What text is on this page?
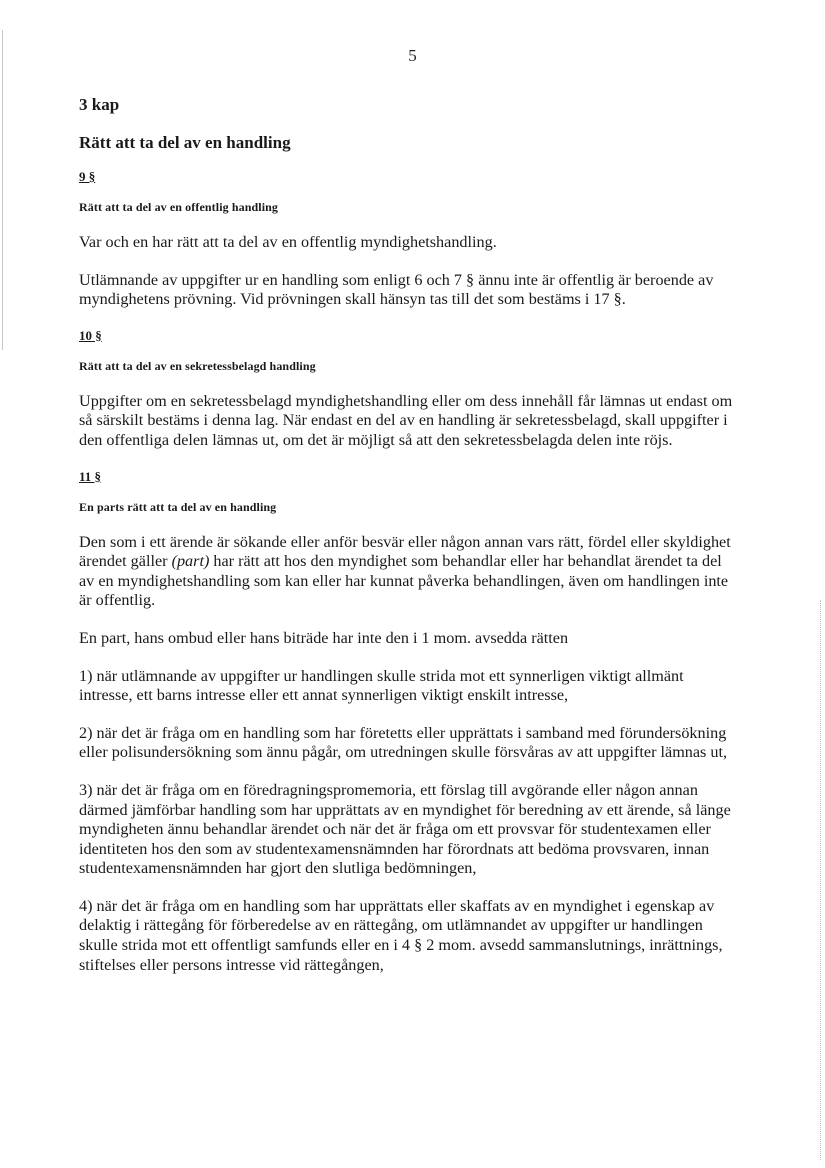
5
3 kap
Rätt att ta del av en handling
9 §
Rätt att ta del av en offentlig handling

Var och en har rätt att ta del av en offentlig myndighetshandling.

Utlämnande av uppgifter ur en handling som enligt 6 och 7 § ännu inte är offentlig är beroende av myndighetens prövning. Vid prövningen skall hänsyn tas till det som bestäms i 17 §.

10 §
Rätt att ta del av en sekretessbelagd handling

Uppgifter om en sekretessbelagd myndighetshandling eller om dess innehåll får lämnas ut endast om så särskilt bestäms i denna lag. När endast en del av en handling är sekretessbelagd, skall uppgifter i den offentliga delen lämnas ut, om det är möjligt så att den sekretessbelagda delen inte röjs.

11 §
En parts rätt att ta del av en handling

Den som i ett ärende är sökande eller anför besvär eller någon annan vars rätt, fördel eller skyldighet ärendet gäller (part) har rätt att hos den myndighet som behandlar eller har behandlat ärendet ta del av en myndighetshandling som kan eller har kunnat påverka behandlingen, även om handlingen inte är offentlig.

En part, hans ombud eller hans biträde har inte den i 1 mom. avsedda rätten

1) när utlämnande av uppgifter ur handlingen skulle strida mot ett synnerligen viktigt allmänt intresse, ett barns intresse eller ett annat synnerligen viktigt enskilt intresse,

2) när det är fråga om en handling som har företetts eller upprättats i samband med förundersökning eller polisundersökning som ännu pågår, om utredningen skulle försvåras av att uppgifter lämnas ut,

3) när det är fråga om en föredragningspromemoria, ett förslag till avgörande eller någon annan därmed jämförbar handling som har upprättats av en myndighet för beredning av ett ärende, så länge myndigheten ännu behandlar ärendet och när det är fråga om ett provsvar för studentexamen eller identiteten hos den som av studentexamensnämnden har förordnats att bedöma provsvaren, innan studentexamensnämnden har gjort den slutliga bedömningen,

4) när det är fråga om en handling som har upprättats eller skaffats av en myndighet i egenskap av delaktig i rättegång för förberedelse av en rättegång, om utlämnandet av uppgifter ur handlingen skulle strida mot ett offentligt samfunds eller en i 4 § 2 mom. avsedd sammanslutnings, inrättnings, stiftelses eller persons intresse vid rättegången,
